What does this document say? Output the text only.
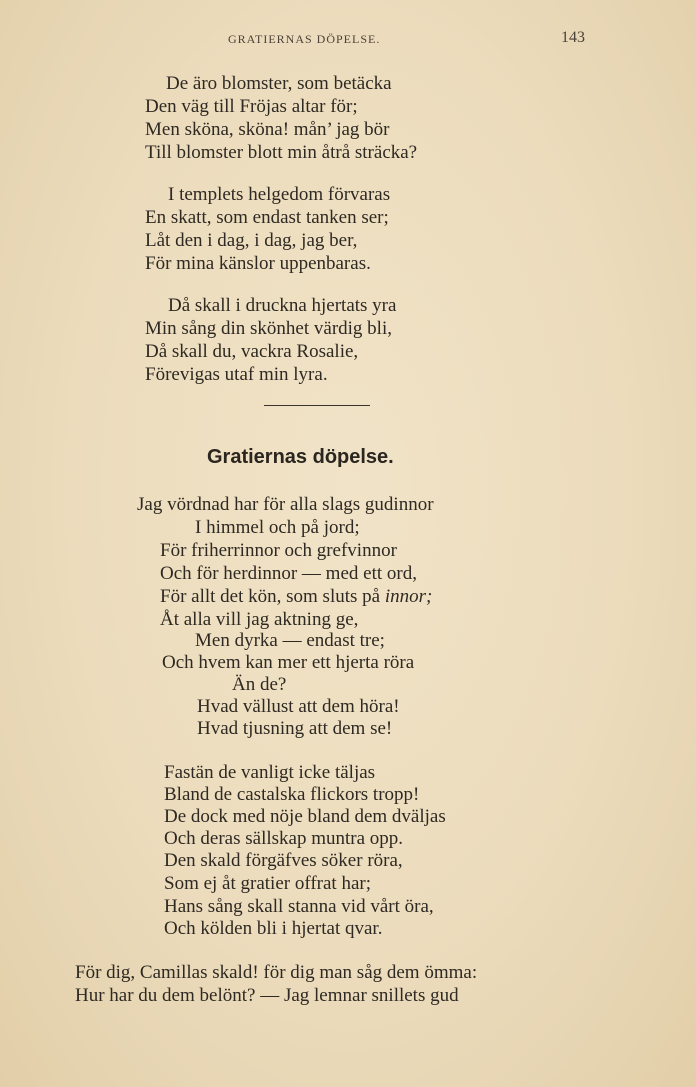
GRATIERNAS DÖPELSE.	143
De äro blomster, som betäcka
Den väg till Fröjas altar för;
Men sköna, sköna! mån’ jag bör
Till blomster blott min åtrå sträcka?
I templets helgedom förvaras
En skatt, som endast tanken ser;
Låt den i dag, i dag, jag ber,
För mina känslor uppenbaras.
Då skall i druckna hjertats yra
Min sång din skönhet värdig bli,
Då skall du, vackra Rosalie,
Förevigas utaf min lyra.
Gratiernas döpelse.
Jag vördnad har för alla slags gudinnor
I himmel och på jord;
För friherrinnor och grefvinnor
Och för herdinnor — med ett ord,
För allt det kön, som sluts på innor;
Åt alla vill jag aktning ge,
Men dyrka — endast tre;
Och hvem kan mer ett hjerta röra
Än de?
Hvad vällust att dem höra!
Hvad tjusning att dem se!
Fastän de vanligt icke täljas
Bland de castalska flickors tropp!
De dock med nöje bland dem dväljas
Och deras sällskap muntra opp.
Den skald förgäfves söker röra,
Som ej åt gratier offrat har;
Hans sång skall stanna vid vårt öra,
Och kölden bli i hjertat qvar.
För dig, Camillas skald! för dig man såg dem ömma:
Hur har du dem belönt? — Jag lemnar snillets gud
